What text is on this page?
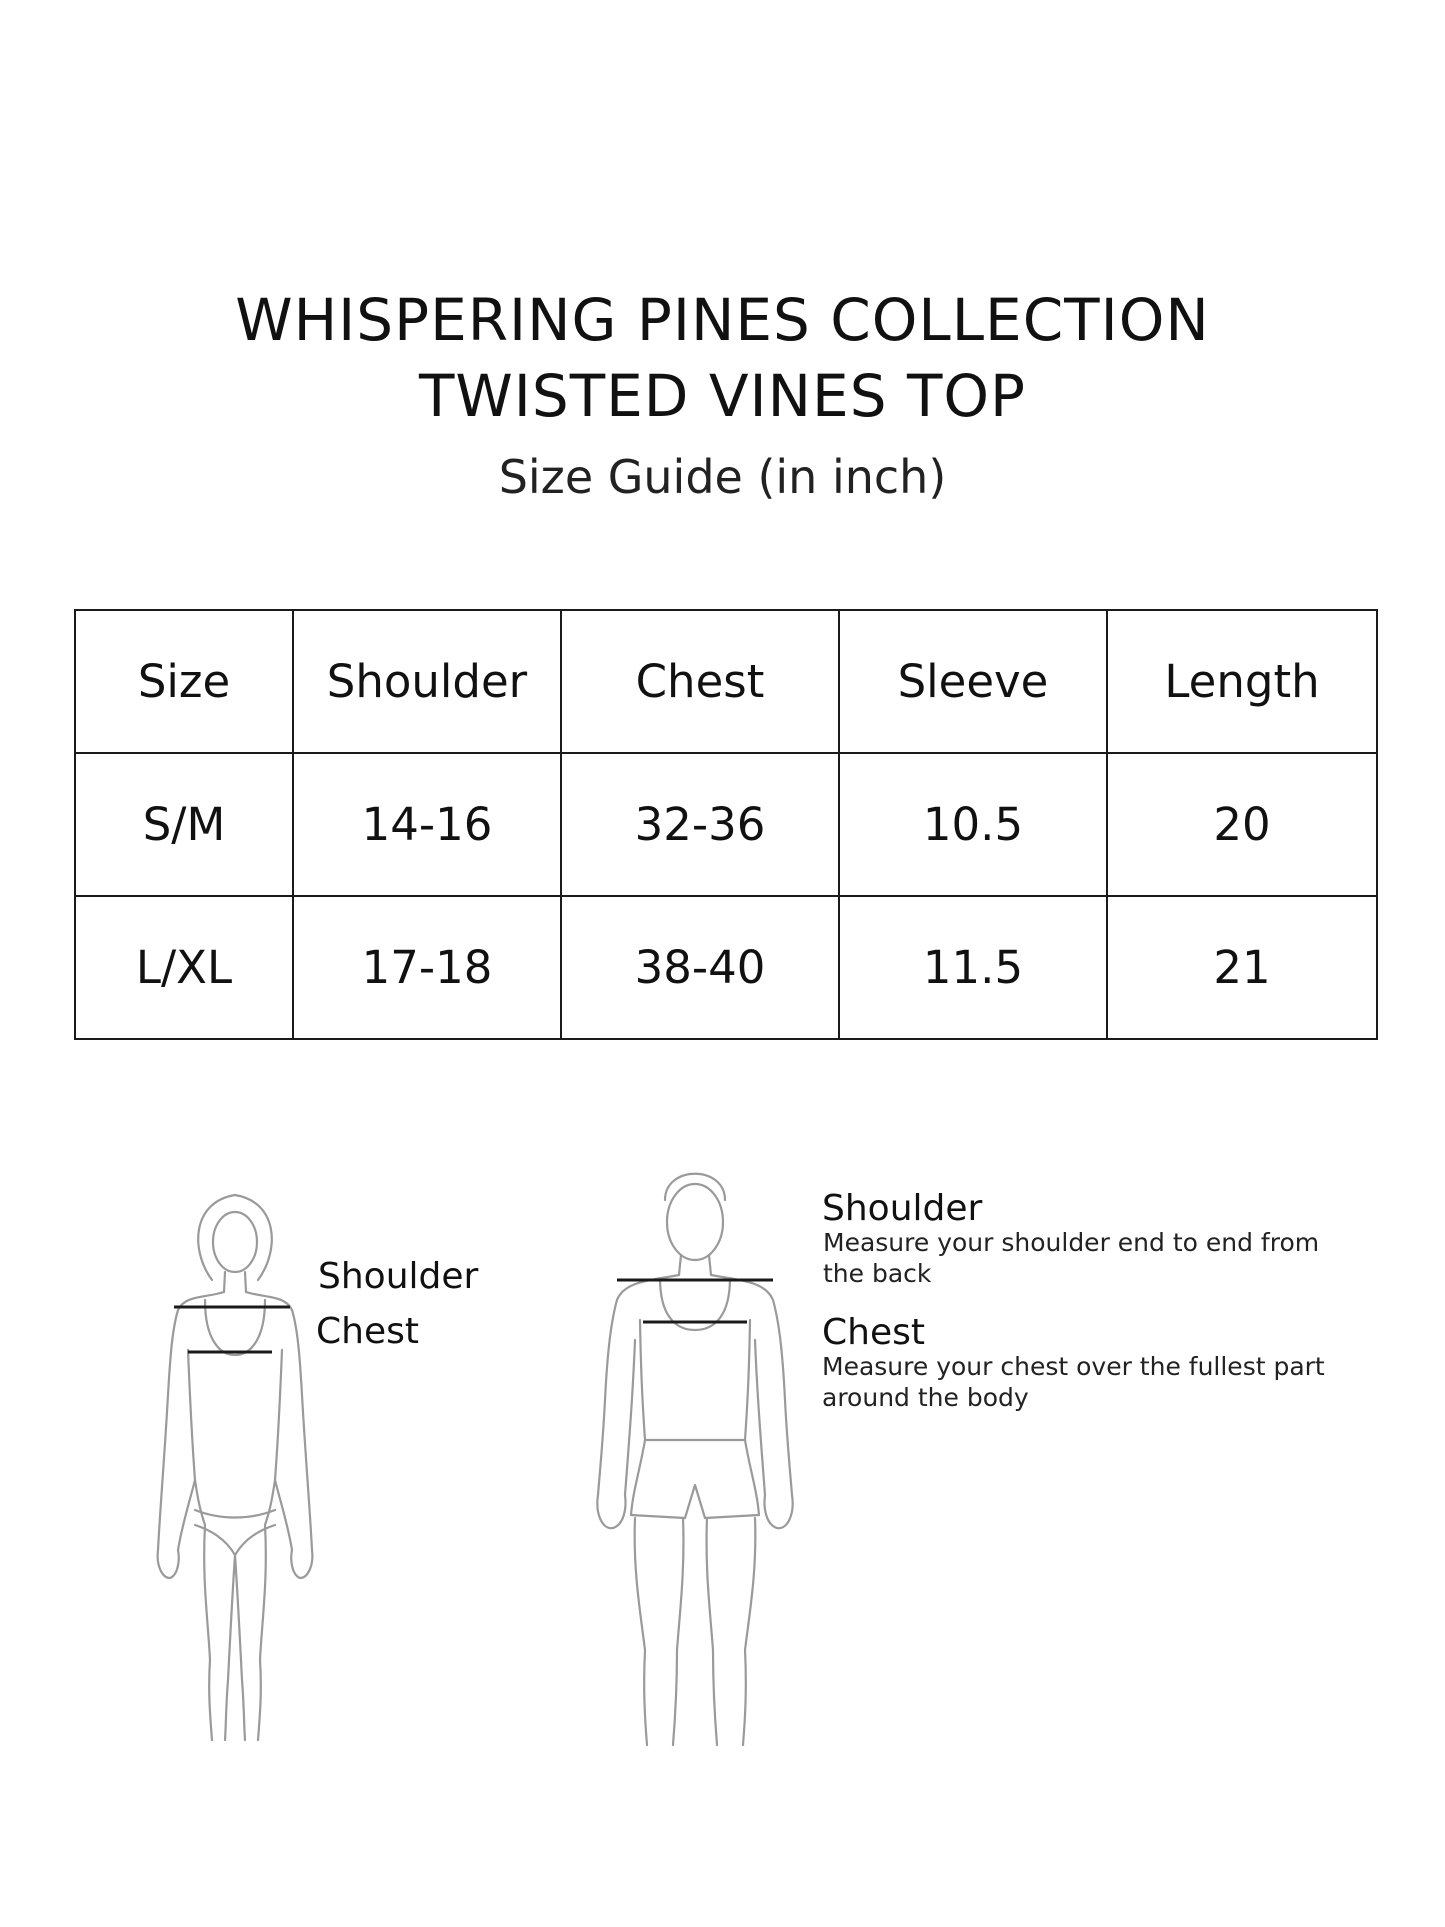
WHISPERING PINES COLLECTION
TWISTED VINES TOP
Size Guide (in inch)
Size	Shoulder	Chest	Sleeve	Length
S/M	14-16	32-36	10.5	20
L/XL	17-18	38-40	11.5	21
Shoulder
Chest
Shoulder
Measure your shoulder end to end from the back
Chest
Measure your chest over the fullest part around the body
